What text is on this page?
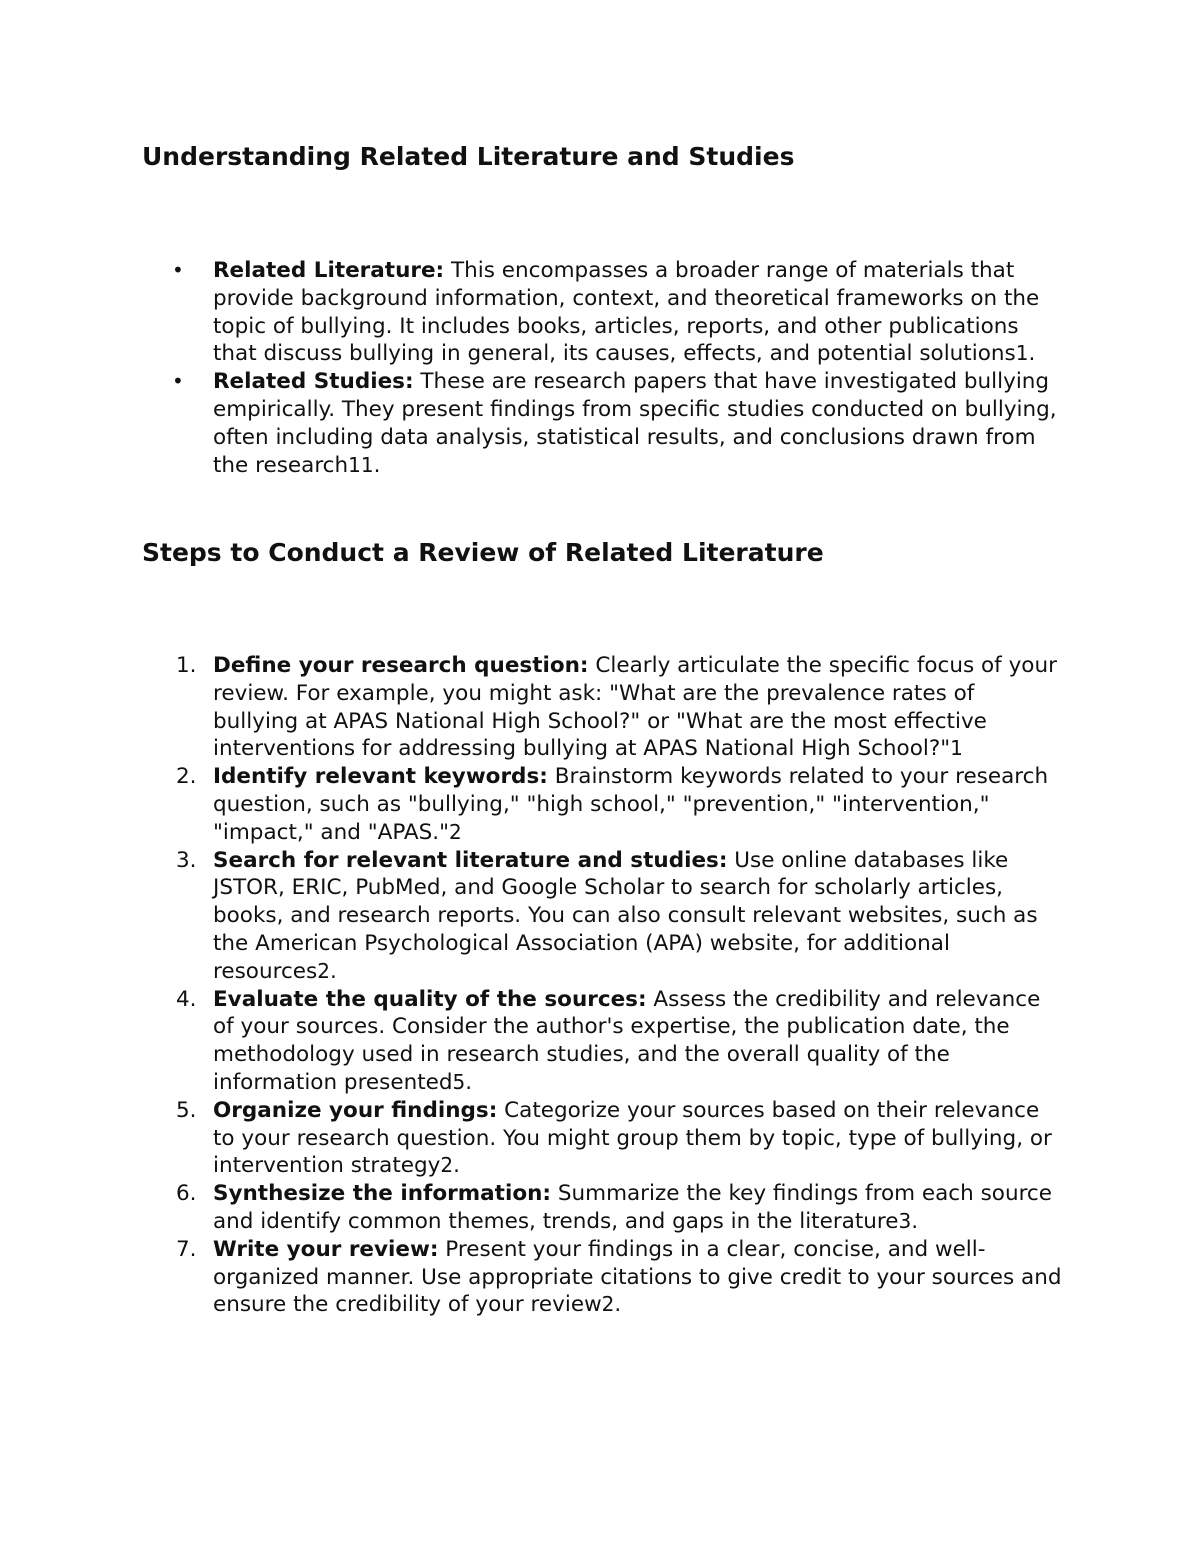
Understanding Related Literature and Studies
•	Related Literature: This encompasses a broader range of materials that provide background information, context, and theoretical frameworks on the topic of bullying. It includes books, articles, reports, and other publications that discuss bullying in general, its causes, effects, and potential solutions1.
•	Related Studies: These are research papers that have investigated bullying empirically. They present findings from specific studies conducted on bullying, often including data analysis, statistical results, and conclusions drawn from the research11.
Steps to Conduct a Review of Related Literature
1. Define your research question: Clearly articulate the specific focus of your review. For example, you might ask: "What are the prevalence rates of bullying at APAS National High School?" or "What are the most effective interventions for addressing bullying at APAS National High School?"1
2. Identify relevant keywords: Brainstorm keywords related to your research question, such as "bullying," "high school," "prevention," "intervention," "impact," and "APAS."2
3. Search for relevant literature and studies: Use online databases like JSTOR, ERIC, PubMed, and Google Scholar to search for scholarly articles, books, and research reports. You can also consult relevant websites, such as the American Psychological Association (APA) website, for additional resources2.
4. Evaluate the quality of the sources: Assess the credibility and relevance of your sources. Consider the author's expertise, the publication date, the methodology used in research studies, and the overall quality of the information presented5.
5. Organize your findings: Categorize your sources based on their relevance to your research question. You might group them by topic, type of bullying, or intervention strategy2.
6. Synthesize the information: Summarize the key findings from each source and identify common themes, trends, and gaps in the literature3.
7. Write your review: Present your findings in a clear, concise, and well-organized manner. Use appropriate citations to give credit to your sources and ensure the credibility of your review2.
